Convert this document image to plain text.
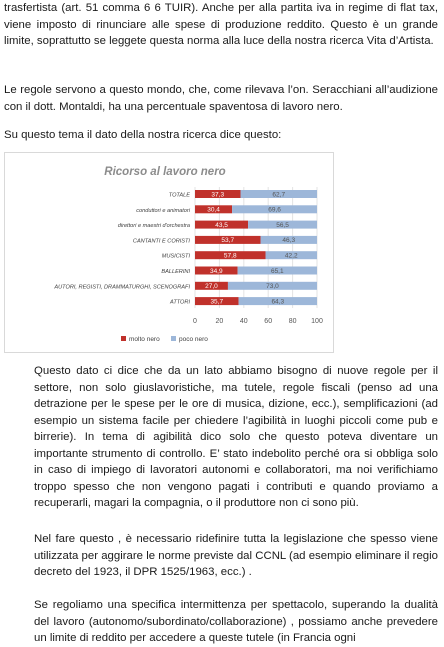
trasfertista (art. 51 comma 6 6 TUIR). Anche per alla partita iva in regime di flat tax, viene imposto di rinunciare alle spese di produzione reddito. Questo è un grande limite, soprattutto se leggete questa norma alla luce della nostra ricerca Vita d’Artista.

Le regole servono a questo mondo, che, come rilevava l’on. Seracchiani all’audizione con il dott. Montaldi, ha una percentuale spaventosa di lavoro nero.

Su questo tema il dato della nostra ricerca dice questo:

Ricorso al lavoro nero
0	20 40 60 80 100
TOTALE	37,3	62,7
conduttori e animatori	30,4	69,6
direttori e maestri d'orchestra	43,5	56,5
CANTANTI E CORISTI	53,7	46,3
MUSICISTI	57,8	42,2
BALLERINI	34,9	65,1
AUTORI, REGISTI, DRAMMATURGHI, SCENOGRAFI 27,0	73,0
ATTORI	35,7	64,3
molto nero	poco nero

Questo dato ci dice che da un lato abbiamo bisogno di nuove regole per il settore, non solo giuslavoristiche, ma tutele, regole fiscali (penso ad una detrazione per le spese per le ore di musica, dizione, ecc.), semplificazioni (ad esempio un sistema facile per chiedere l’agibilità in luoghi piccoli come pub e birrerie). In tema di agibilità dico solo che questo poteva diventare un importante strumento di controllo. E’ stato indebolito perché ora si obbliga solo in caso di impiego di lavoratori autonomi e collaboratori, ma noi verifichiamo troppo spesso che non vengono pagati i contributi e quando proviamo a recuperarli, magari la compagnia, o il produttore non ci sono più.

Nel fare questo , è necessario ridefinire tutta la legislazione che spesso viene utilizzata per aggirare le norme previste dal CCNL (ad esempio eliminare il regio decreto del 1923, il DPR 1525/1963, ecc.) .

Se regoliamo una specifica intermittenza per spettacolo, superando la dualità del lavoro (autonomo/subordinato/collaborazione) , possiamo anche prevedere un limite di reddito per accedere a queste tutele (in Francia ogni
